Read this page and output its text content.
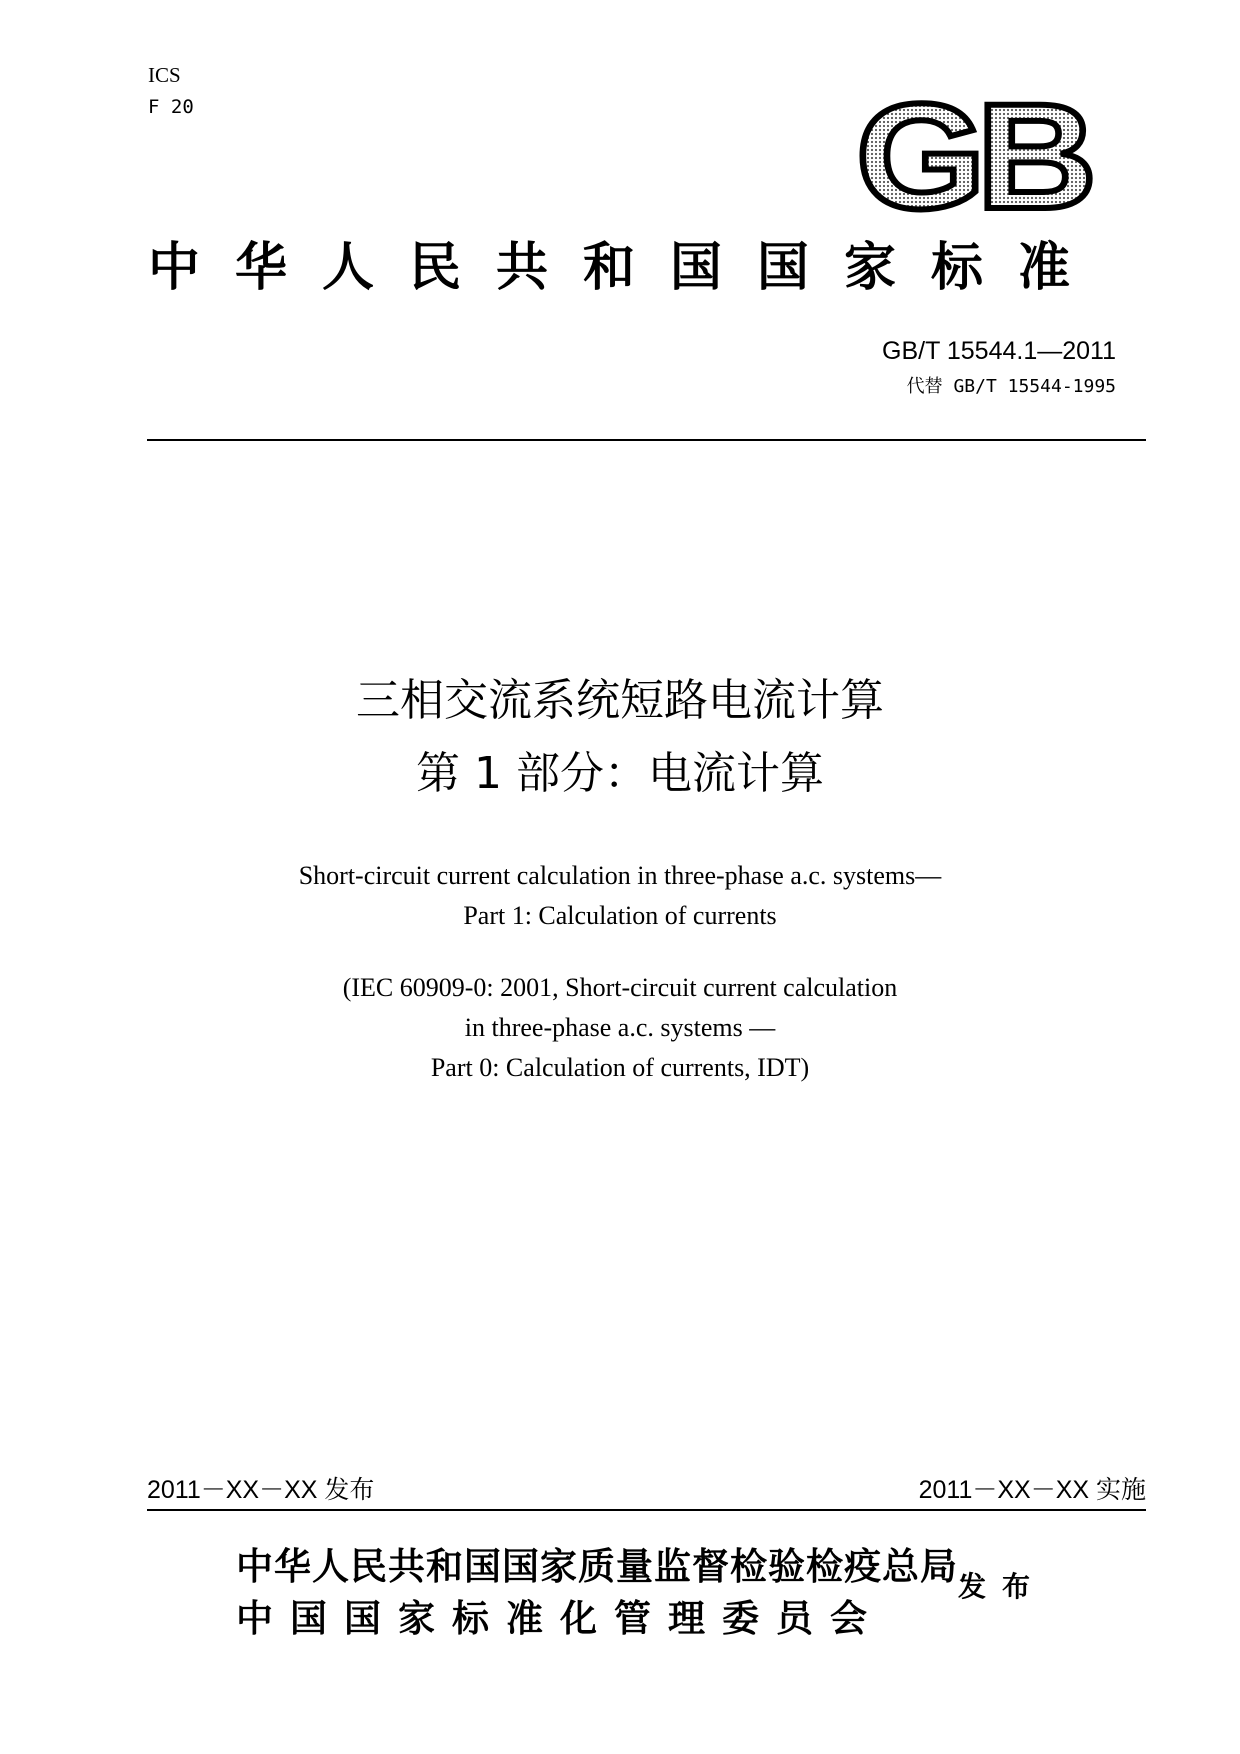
ICS
F 20	GB
中华人民共和国国家标准
GB/T 15544.1—2011
代替 GB/T 15544-1995
三相交流系统短路电流计算
第 1 部分：电流计算
Short-circuit current calculation in three-phase a.c. systems—
Part 1: Calculation of currents
(IEC 60909-0: 2001, Short-circuit current calculation
in three-phase a.c. systems —
Part 0: Calculation of currents, IDT)
2011－XX－XX 发布	2011－XX－XX 实施
中华人民共和国国家质量监督检验检疫总局
中国国家标准化管理委员会
发布
